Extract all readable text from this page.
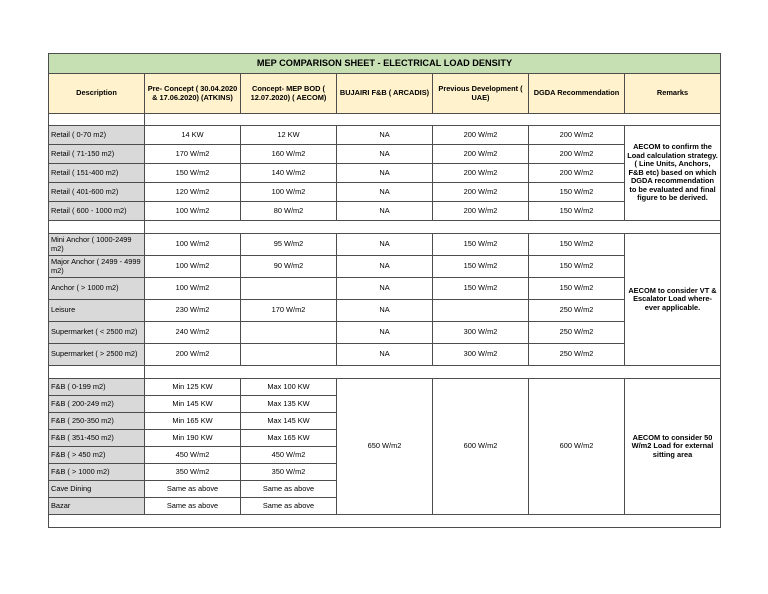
MEP COMPARISON SHEET - ELECTRICAL LOAD DENSITY						
Description	Pre- Concept ( 30.04.2020 & 17.06.2020) (ATKINS)	Concept- MEP BOD ( 12.07.2020) ( AECOM)	BUJAIRI F&B ( ARCADIS)	Previous Development ( UAE)	DGDA Recommendation	Remarks

Retail ( 0-70 m2)	14 KW	12 KW	NA	200 W/m2	200 W/m2	AECOM to confirm the Load calculation strategy.( Line Units, Anchors, F&B etc) based on which DGDA recommendation to be evaluated and final figure to be derived.
Retail ( 71-150 m2)	170 W/m2	160 W/m2	NA	200 W/m2	200 W/m2	
Retail ( 151-400 m2)	150 W/m2	140 W/m2	NA	200 W/m2	200 W/m2	
Retail ( 401-600 m2)	120 W/m2	100 W/m2	NA	200 W/m2	150 W/m2	
Retail ( 600 - 1000 m2)	100 W/m2	80 W/m2	NA	200 W/m2	150 W/m2	

Mini Anchor ( 1000-2499 m2)	100 W/m2	95 W/m2	NA	150 W/m2	150 W/m2	AECOM to consider VT & Escalator Load where-ever applicable.
Major Anchor ( 2499 - 4999 m2)	100 W/m2	90 W/m2	NA	150 W/m2	150 W/m2	
Anchor ( > 1000 m2)	100 W/m2		NA	150 W/m2	150 W/m2	
Leisure	230 W/m2	170 W/m2	NA		250 W/m2	
Supermarket ( < 2500 m2)	240 W/m2		NA	300 W/m2	250 W/m2	
Supermarket ( > 2500 m2)	200 W/m2		NA	300 W/m2	250 W/m2	

F&B ( 0-199 m2)	Min 125 KW	Max 100 KW	650 W/m2	600 W/m2	600 W/m2	AECOM to consider 50 W/m2 Load for external sitting area
F&B ( 200-249 m2)	Min 145 KW	Max 135 KW				
F&B ( 250-350 m2)	Min 165 KW	Max 145 KW				
F&B ( 351-450 m2)	Min 190 KW	Max 165 KW				
F&B ( > 450 m2)	450 W/m2	450 W/m2				
F&B ( > 1000 m2)	350 W/m2	350 W/m2				
Cave Dining	Same as above	Same as above				
Bazar	Same as above	Same as above				
